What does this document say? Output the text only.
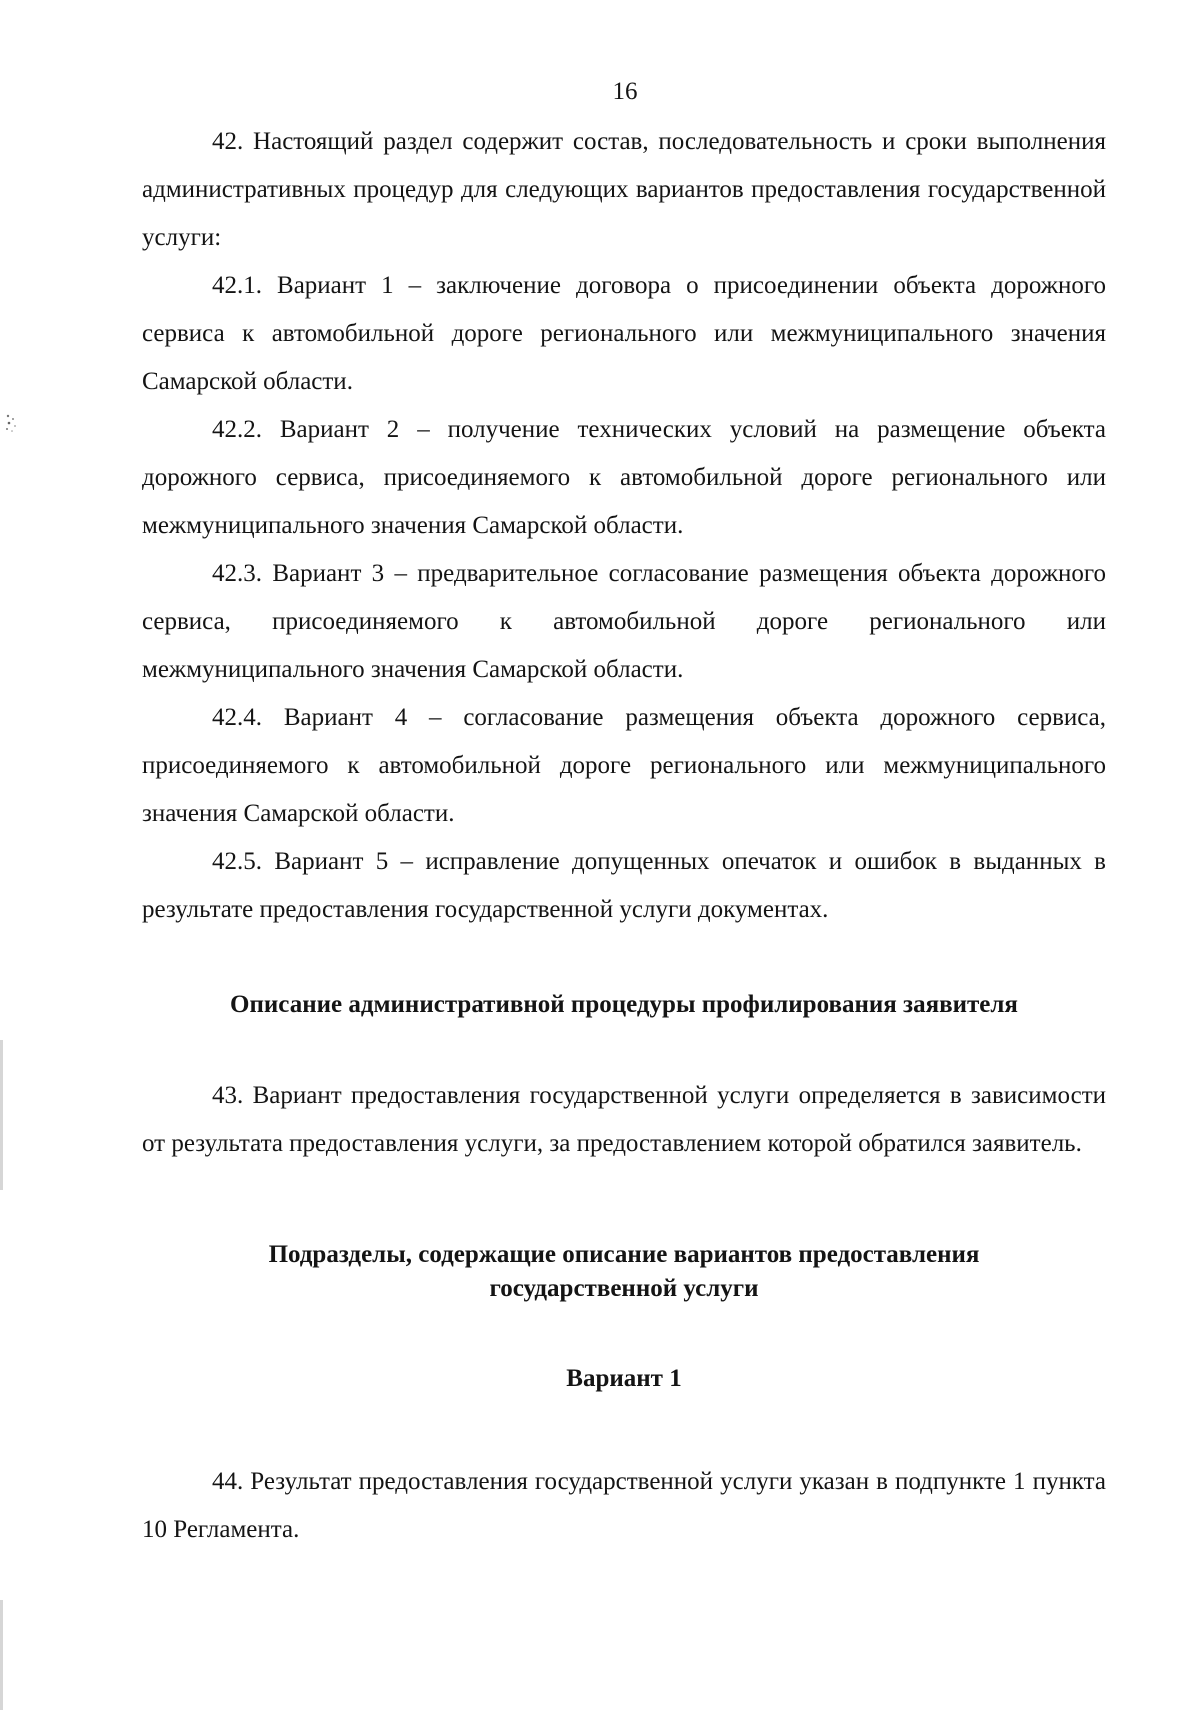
16

42. Настоящий раздел содержит состав, последовательность и сроки выполнения административных процедур для следующих вариантов предоставления государственной услуги:

42.1. Вариант 1 – заключение договора о присоединении объекта дорожного сервиса к автомобильной дороге регионального или межмуниципального значения Самарской области.

42.2. Вариант 2 – получение технических условий на размещение объекта дорожного сервиса, присоединяемого к автомобильной дороге регионального или межмуниципального значения Самарской области.

42.3. Вариант 3 – предварительное согласование размещения объекта дорожного сервиса, присоединяемого к автомобильной дороге регионального или межмуниципального значения Самарской области.

42.4. Вариант 4 – согласование размещения объекта дорожного сервиса, присоединяемого к автомобильной дороге регионального или межмуниципального значения Самарской области.

42.5. Вариант 5 – исправление допущенных опечаток и ошибок в выданных в результате предоставления государственной услуги документах.

Описание административной процедуры профилирования заявителя

43. Вариант предоставления государственной услуги определяется в зависимости от результата предоставления услуги, за предоставлением которой обратился заявитель.

Подразделы, содержащие описание вариантов предоставления
государственной услуги

Вариант 1

44. Результат предоставления государственной услуги указан в подпункте 1 пункта 10 Регламента.
